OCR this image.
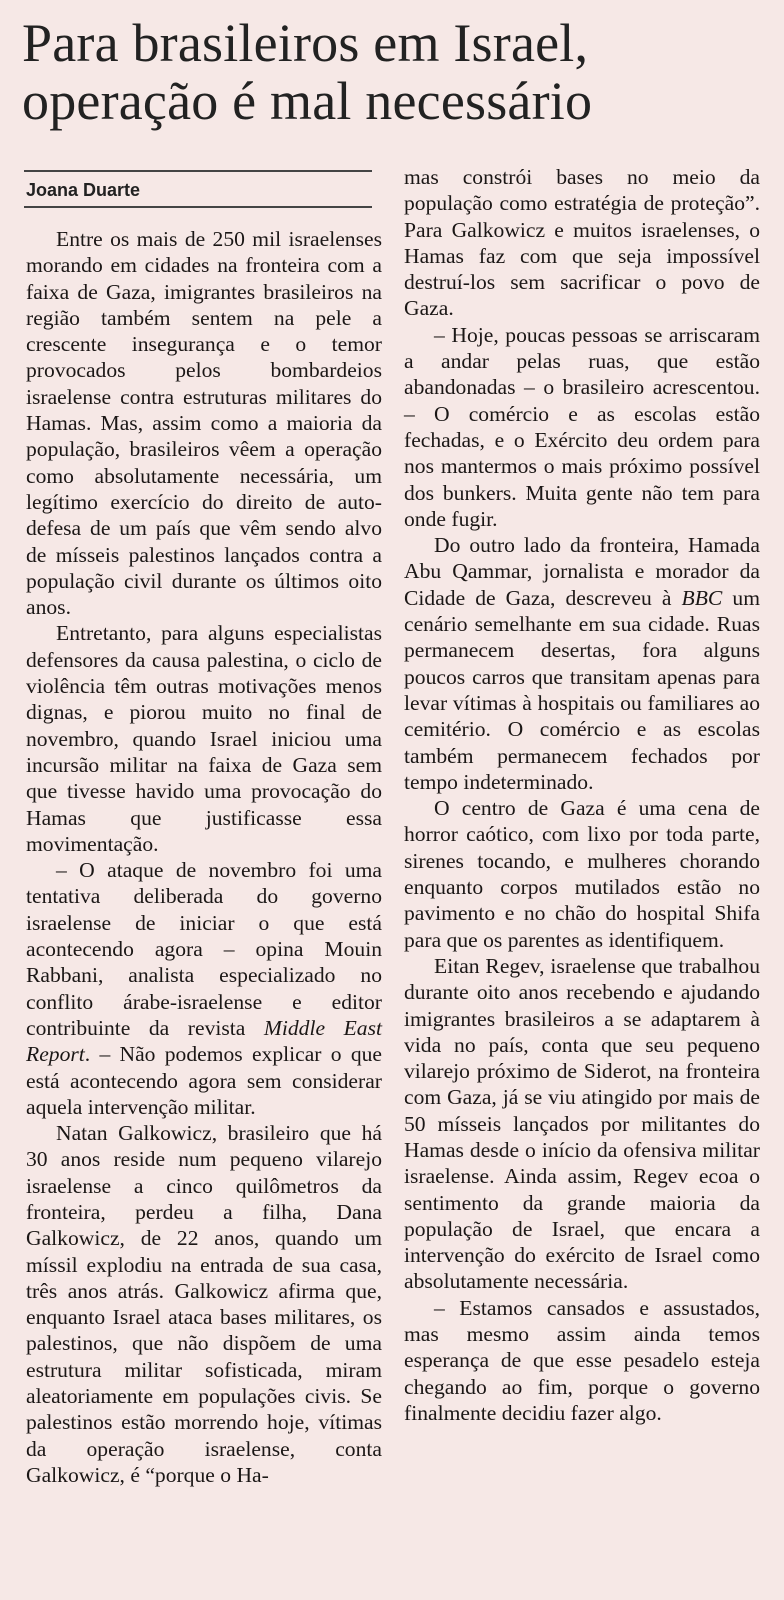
Para brasileiros em Israel,
operação é mal necessário
Joana Duarte

Entre os mais de 250 mil israelenses morando em cidades na fronteira com a faixa de Gaza, imigrantes brasileiros na região também sentem na pele a crescente insegurança e o temor provocados pelos bombardeios israelense contra estruturas militares do Hamas. Mas, assim como a maioria da população, brasileiros vêem a operação como absolutamente necessária, um legítimo exercício do direito de auto-defesa de um país que vêm sendo alvo de mísseis palestinos lançados contra a população civil durante os últimos oito anos.

Entretanto, para alguns especialistas defensores da causa palestina, o ciclo de violência têm outras motivações menos dignas, e piorou muito no final de novembro, quando Israel iniciou uma incursão militar na faixa de Gaza sem que tivesse havido uma provocação do Hamas que justificasse essa movimentação.

– O ataque de novembro foi uma tentativa deliberada do governo israelense de iniciar o que está acontecendo agora – opina Mouin Rabbani, analista especializado no conflito árabe-israelense e editor contribuinte da revista Middle East Report. – Não podemos explicar o que está acontecendo agora sem considerar aquela intervenção militar.

Natan Galkowicz, brasileiro que há 30 anos reside num pequeno vilarejo israelense a cinco quilômetros da fronteira, perdeu a filha, Dana Galkowicz, de 22 anos, quando um míssil explodiu na entrada de sua casa, três anos atrás. Galkowicz afirma que, enquanto Israel ataca bases militares, os palestinos, que não dispõem de uma estrutura militar sofisticada, miram aleatoriamente em populações civis. Se palestinos estão morrendo hoje, vítimas da operação israelense, conta Galkowicz, é “porque o Ha-

mas constrói bases no meio da população como estratégia de proteção”. Para Galkowicz e muitos israelenses, o Hamas faz com que seja impossível destruí-los sem sacrificar o povo de Gaza.

– Hoje, poucas pessoas se arriscaram a andar pelas ruas, que estão abandonadas – o brasileiro acrescentou. – O comércio e as escolas estão fechadas, e o Exército deu ordem para nos mantermos o mais próximo possível dos bunkers. Muita gente não tem para onde fugir.

Do outro lado da fronteira, Hamada Abu Qammar, jornalista e morador da Cidade de Gaza, descreveu à BBC um cenário semelhante em sua cidade. Ruas permanecem desertas, fora alguns poucos carros que transitam apenas para levar vítimas à hospitais ou familiares ao cemitério. O comércio e as escolas também permanecem fechados por tempo indeterminado.

O centro de Gaza é uma cena de horror caótico, com lixo por toda parte, sirenes tocando, e mulheres chorando enquanto corpos mutilados estão no pavimento e no chão do hospital Shifa para que os parentes as identifiquem.

Eitan Regev, israelense que trabalhou durante oito anos recebendo e ajudando imigrantes brasileiros a se adaptarem à vida no país, conta que seu pequeno vilarejo próximo de Siderot, na fronteira com Gaza, já se viu atingido por mais de 50 mísseis lançados por militantes do Hamas desde o início da ofensiva militar israelense. Ainda assim, Regev ecoa o sentimento da grande maioria da população de Israel, que encara a intervenção do exército de Israel como absolutamente necessária.

– Estamos cansados e assustados, mas mesmo assim ainda temos esperança de que esse pesadelo esteja chegando ao fim, porque o governo finalmente decidiu fazer algo.
